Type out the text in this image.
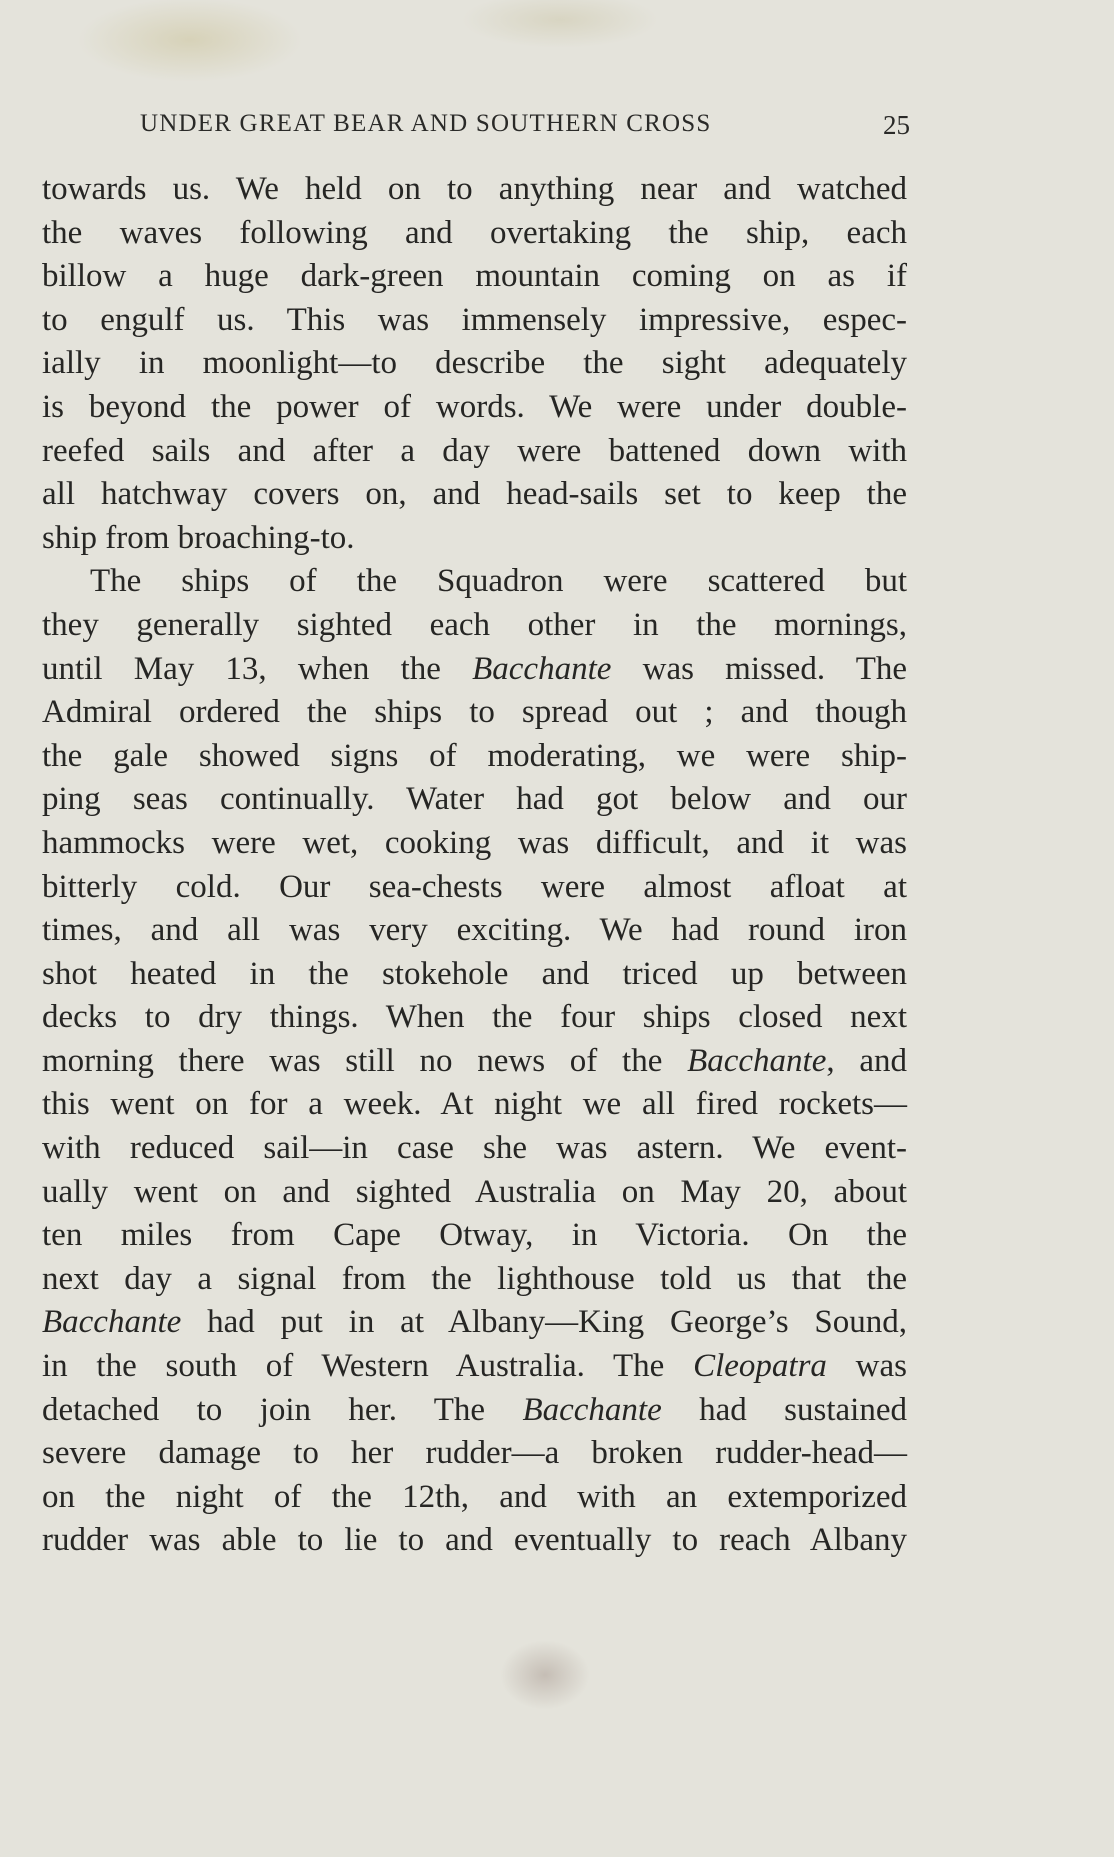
UNDER GREAT BEAR AND SOUTHERN CROSS	25
towards us. We held on to anything near and watched
the waves following and overtaking the ship, each
billow a huge dark-green mountain coming on as if
to engulf us. This was immensely impressive, espec-
ially in moonlight—to describe the sight adequately
is beyond the power of words. We were under double-
reefed sails and after a day were battened down with
all hatchway covers on, and head-sails set to keep the
ship from broaching-to.
The ships of the Squadron were scattered but
they generally sighted each other in the mornings,
until May 13, when the Bacchante was missed. The
Admiral ordered the ships to spread out ; and though
the gale showed signs of moderating, we were ship-
ping seas continually. Water had got below and our
hammocks were wet, cooking was difficult, and it was
bitterly cold. Our sea-chests were almost afloat at
times, and all was very exciting. We had round iron
shot heated in the stokehole and triced up between
decks to dry things. When the four ships closed next
morning there was still no news of the Bacchante, and
this went on for a week. At night we all fired rockets—
with reduced sail—in case she was astern. We event-
ually went on and sighted Australia on May 20, about
ten miles from Cape Otway, in Victoria. On the
next day a signal from the lighthouse told us that the
Bacchante had put in at Albany—King George’s Sound,
in the south of Western Australia. The Cleopatra was
detached to join her. The Bacchante had sustained
severe damage to her rudder—a broken rudder-head—
on the night of the 12th, and with an extemporized
rudder was able to lie to and eventually to reach Albany
